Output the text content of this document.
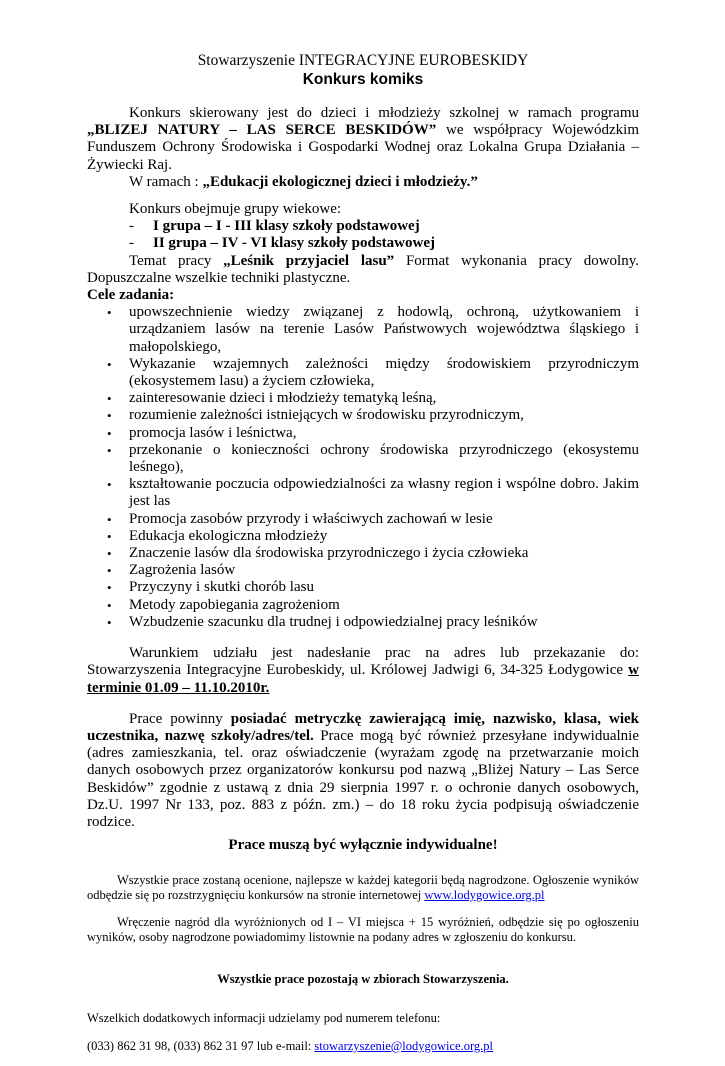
Stowarzyszenie INTEGRACYJNE EUROBESKIDY
Konkurs komiks

Konkurs skierowany jest do dzieci i młodzieży szkolnej w ramach programu „BLIZEJ NATURY – LAS SERCE BESKIDÓW” we współpracy Wojewódzkim Funduszem Ochrony Środowiska i Gospodarki Wodnej oraz Lokalna Grupa Działania – Żywiecki Raj.

W ramach : „Edukacji ekologicznej dzieci i młodzieży.”

Konkurs obejmuje grupy wiekowe:

-	I grupa – I - III klasy szkoły podstawowej
-	II grupa – IV - VI klasy szkoły podstawowej

Temat pracy „Leśnik przyjaciel lasu” Format wykonania pracy dowolny. Dopuszczalne wszelkie techniki plastyczne.

Cele zadania:

• upowszechnienie wiedzy związanej z hodowlą, ochroną, użytkowaniem i urządzaniem lasów na terenie Lasów Państwowych województwa śląskiego i małopolskiego,
• Wykazanie wzajemnych zależności między środowiskiem przyrodniczym (ekosystemem lasu) a życiem człowieka,
• zainteresowanie dzieci i młodzieży tematyką leśną,
• rozumienie zależności istniejących w środowisku przyrodniczym,
• promocja lasów i leśnictwa,
• przekonanie o konieczności ochrony środowiska przyrodniczego (ekosystemu leśnego),
• kształtowanie poczucia odpowiedzialności za własny region i wspólne dobro. Jakim jest las
• Promocja zasobów przyrody i właściwych zachowań w lesie
• Edukacja ekologiczna młodzieży
• Znaczenie lasów dla środowiska przyrodniczego i życia człowieka
• Zagrożenia lasów
• Przyczyny i skutki chorób lasu
• Metody zapobiegania zagrożeniom
• Wzbudzenie szacunku dla trudnej i odpowiedzialnej pracy leśników

Warunkiem udziału jest nadesłanie prac na adres lub przekazanie do: Stowarzyszenia Integracyjne Eurobeskidy, ul. Królowej Jadwigi 6, 34-325 Łodygowice w terminie 01.09 – 11.10.2010r.

Prace powinny posiadać metryczkę zawierającą imię, nazwisko, klasa, wiek uczestnika, nazwę szkoły/adres/tel. Prace mogą być również przesyłane indywidualnie (adres zamieszkania, tel. oraz oświadczenie (wyrażam zgodę na przetwarzanie moich danych osobowych przez organizatorów konkursu pod nazwą „Bliżej Natury – Las Serce Beskidów” zgodnie z ustawą z dnia 29 sierpnia 1997 r. o ochronie danych osobowych, Dz.U. 1997 Nr 133, poz. 883 z późn. zm.) – do 18 roku życia podpisują oświadczenie rodzice.

Prace muszą być wyłącznie indywidualne!

Wszystkie prace zostaną ocenione, najlepsze w każdej kategorii będą nagrodzone. Ogłoszenie wyników odbędzie się po rozstrzygnięciu konkursów na stronie internetowej www.lodygowice.org.pl

Wręczenie nagród dla wyróżnionych od I – VI miejsca + 15 wyróżnień, odbędzie się po ogłoszeniu wyników, osoby nagrodzone powiadomimy listownie na podany adres w zgłoszeniu do konkursu.

Wszystkie prace pozostają w zbiorach Stowarzyszenia.

Wszelkich dodatkowych informacji udzielamy pod numerem telefonu:

(033) 862 31 98, (033) 862 31 97 lub e-mail: stowarzyszenie@lodygowice.org.pl
